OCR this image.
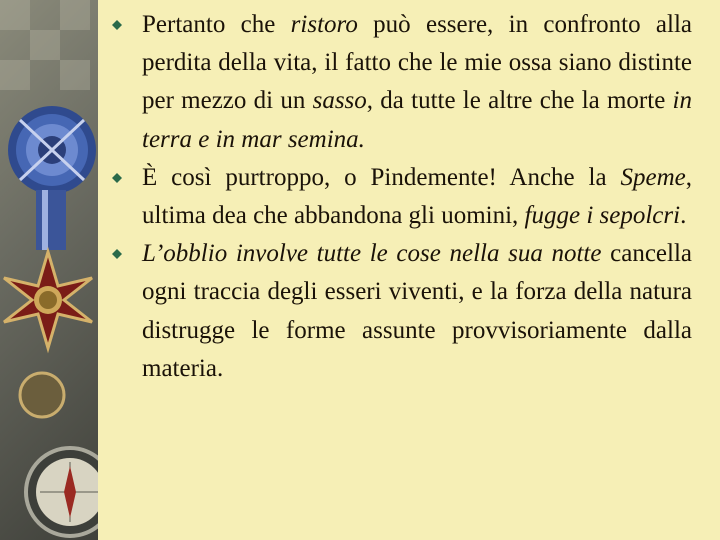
Pertanto che ristoro può essere, in confronto alla perdita della vita, il fatto che le mie ossa siano distinte per mezzo di un sasso, da tutte le altre che la morte in terra e in mar semina.
È così purtroppo, o Pindemente! Anche la Speme, ultima dea che abbandona gli uomini, fugge i sepolcri.
L’obblio involve tutte le cose nella sua notte cancella ogni traccia degli esseri viventi, e la forza della natura distrugge le forme assunte provvisoriamente dalla materia.
